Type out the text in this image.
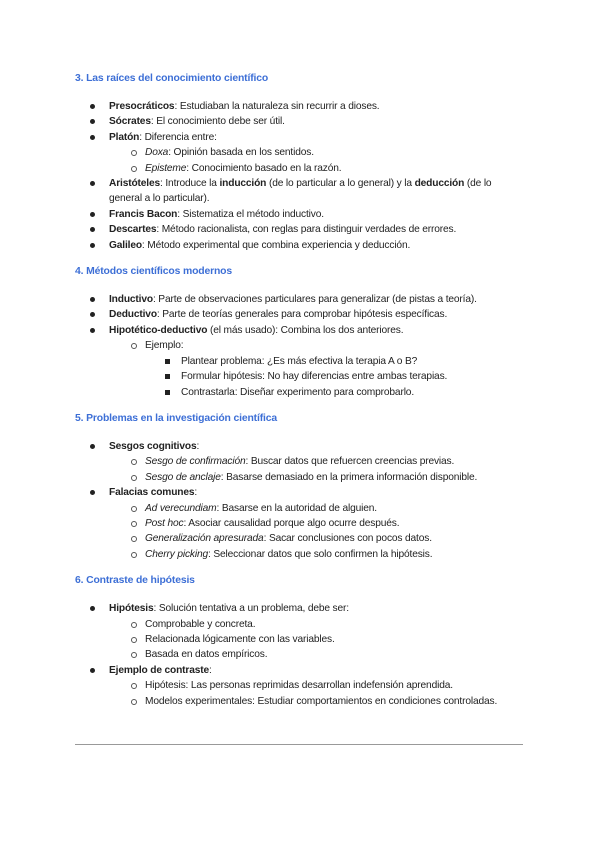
3. Las raíces del conocimiento científico
Presocráticos: Estudiaban la naturaleza sin recurrir a dioses.
Sócrates: El conocimiento debe ser útil.
Platón: Diferencia entre:
Doxa: Opinión basada en los sentidos.
Episteme: Conocimiento basado en la razón.
Aristóteles: Introduce la inducción (de lo particular a lo general) y la deducción (de lo general a lo particular).
Francis Bacon: Sistematiza el método inductivo.
Descartes: Método racionalista, con reglas para distinguir verdades de errores.
Galileo: Método experimental que combina experiencia y deducción.
4. Métodos científicos modernos
Inductivo: Parte de observaciones particulares para generalizar (de pistas a teoría).
Deductivo: Parte de teorías generales para comprobar hipótesis específicas.
Hipotético-deductivo (el más usado): Combina los dos anteriores.
Ejemplo:
Plantear problema: ¿Es más efectiva la terapia A o B?
Formular hipótesis: No hay diferencias entre ambas terapias.
Contrastarla: Diseñar experimento para comprobarlo.
5. Problemas en la investigación científica
Sesgos cognitivos:
Sesgo de confirmación: Buscar datos que refuercen creencias previas.
Sesgo de anclaje: Basarse demasiado en la primera información disponible.
Falacias comunes:
Ad verecundiam: Basarse en la autoridad de alguien.
Post hoc: Asociar causalidad porque algo ocurre después.
Generalización apresurada: Sacar conclusiones con pocos datos.
Cherry picking: Seleccionar datos que solo confirmen la hipótesis.
6. Contraste de hipótesis
Hipótesis: Solución tentativa a un problema, debe ser:
Comprobable y concreta.
Relacionada lógicamente con las variables.
Basada en datos empíricos.
Ejemplo de contraste:
Hipótesis: Las personas reprimidas desarrollan indefensión aprendida.
Modelos experimentales: Estudiar comportamientos en condiciones controladas.
